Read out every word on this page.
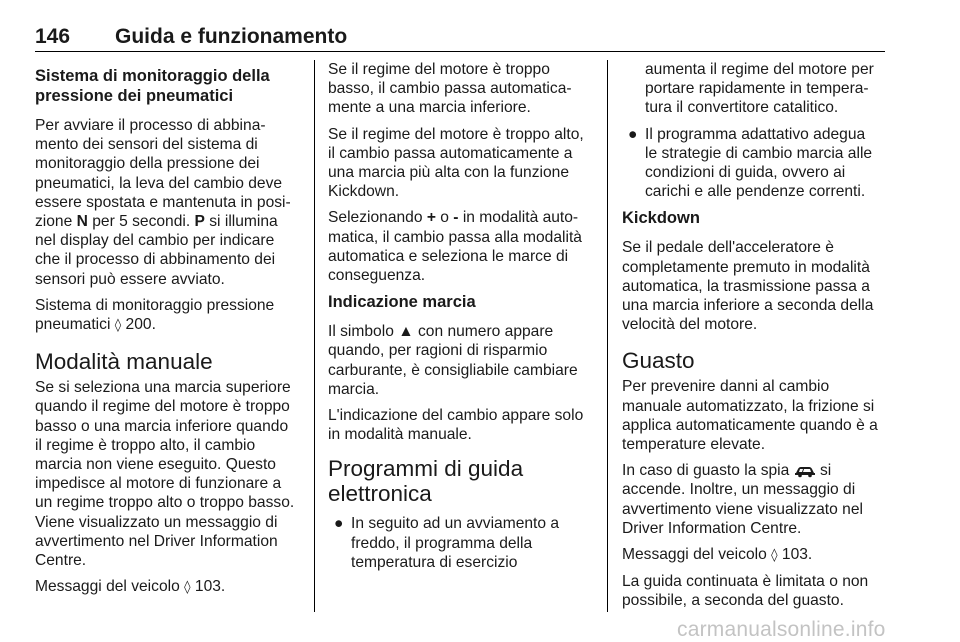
146 Guida e funzionamento
Sistema di monitoraggio della
pressione dei pneumatici

Per avviare il processo di abbina-
mento dei sensori del sistema di
monitoraggio della pressione dei
pneumatici, la leva del cambio deve
essere spostata e mantenuta in posi-
zione N per 5 secondi. P si illumina
nel display del cambio per indicare
che il processo di abbinamento dei
sensori può essere avviato.

Sistema di monitoraggio pressione
pneumatici ◊ 200.

Modalità manuale

Se si seleziona una marcia superiore
quando il regime del motore è troppo
basso o una marcia inferiore quando
il regime è troppo alto, il cambio
marcia non viene eseguito. Questo
impedisce al motore di funzionare a
un regime troppo alto o troppo basso.
Viene visualizzato un messaggio di
avvertimento nel Driver Information
Centre.

Messaggi del veicolo ◊ 103.

Se il regime del motore è troppo
basso, il cambio passa automatica-
mente a una marcia inferiore.

Se il regime del motore è troppo alto,
il cambio passa automaticamente a
una marcia più alta con la funzione
Kickdown.

Selezionando + o - in modalità auto-
matica, il cambio passa alla modalità
automatica e seleziona le marce di
conseguenza.

Indicazione marcia

Il simbolo ▲ con numero appare
quando, per ragioni di risparmio
carburante, è consigliabile cambiare
marcia.

L'indicazione del cambio appare solo
in modalità manuale.

Programmi di guida
elettronica
● In seguito ad un avviamento a
freddo, il programma della
temperatura di esercizio
aumenta il regime del motore per
portare rapidamente in tempera-
tura il convertitore catalitico.
● Il programma adattativo adegua
le strategie di cambio marcia alle
condizioni di guida, ovvero ai
carichi e alle pendenze correnti.
Kickdown

Se il pedale dell'acceleratore è
completamente premuto in modalità
automatica, la trasmissione passa a
una marcia inferiore a seconda della
velocità del motore.

Guasto

Per prevenire danni al cambio
manuale automatizzato, la frizione si
applica automaticamente quando è a
temperature elevate.

In caso di guasto la spia  si
accende. Inoltre, un messaggio di
avvertimento viene visualizzato nel
Driver Information Centre.

Messaggi del veicolo ◊ 103.

La guida continuata è limitata o non
possibile, a seconda del guasto.

carmanualsonline.info
